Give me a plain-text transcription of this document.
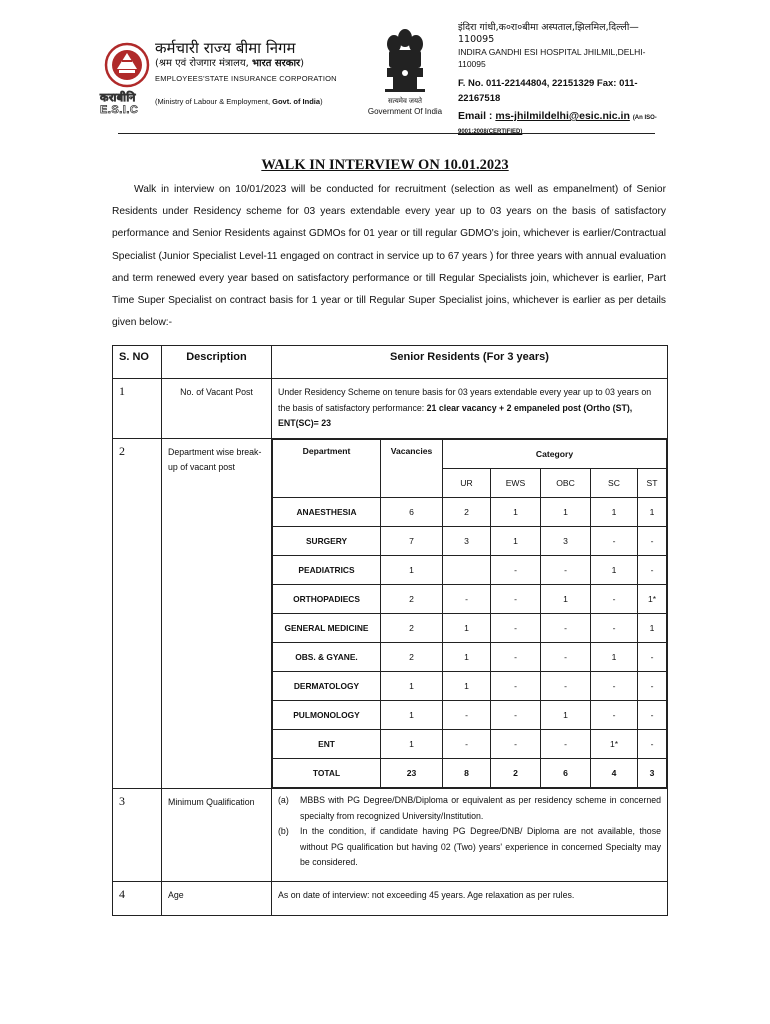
कराबीनि
E.S.I.C
कर्मचारी राज्य बीमा निगम
(श्रम एवं रोजगार मंत्रालय, भारत सरकार)
EMPLOYEES'STATE INSURANCE CORPORATION
(Ministry of Labour & Employment, Govt. of India)	सत्यमेव जयते
Government Of India
इंदिरा गांधी,क०रा०बीमा अस्पताल,झिलमिल,दिल्ली—110095
INDIRA GANDHI ESI HOSPITAL JHILMIL,DELHI-
110095
F. No. 011-22144804, 22151329 Fax: 011-
22167518
Email : ms-jhilmildelhi@esic.nic.in (An ISO-
9001:2008(CERTIFIED)
WALK IN INTERVIEW ON 10.01.2023
Walk in interview on 10/01/2023 will be conducted for recruitment (selection as well as empanelment) of Senior Residents under Residency scheme for 03 years extendable every year up to 03 years on the basis of satisfactory performance and Senior Residents against GDMOs for 01 year or till regular GDMO's join, whichever is earlier/Contractual Specialist (Junior Specialist Level-11 engaged on contract in service up to 67 years ) for three years with annual evaluation and term renewed every year based on satisfactory performance or till Regular Specialists join, whichever is earlier, Part Time Super Specialist on contract basis for 1 year or till Regular Super Specialist joins, whichever is earlier as per details given below:-
S. NO	Description	Senior Residents (For 3 years)
1	No. of Vacant Post	Under Residency Scheme on tenure basis for 03 years extendable every year up to 03 years on the basis of satisfactory performance: 21 clear vacancy + 2 empaneled post (Ortho (ST), ENT(SC)= 23
2	Department wise break-up of vacant post	
Department	Vacancies	Category
UR	EWS	OBC	SC	ST
ANAESTHESIA	6	2	1	1	1	1
SURGERY	7	3	1	3	-	-
PEADIATRICS	1		-	-	1	-
ORTHOPADIECS	2	-	-	1	-	1*
GENERAL MEDICINE	2	1	-	-	-	1
OBS. & GYANE.	2	1	-	-	1	-
DERMATOLOGY	1	1	-	-	-	-
PULMONOLOGY	1	-	-	1	-	-
ENT	1	-	-	-	1*	-
TOTAL	23	8	2	6	4	3

3	Minimum Qualification	(a)	MBBS with PG Degree/DNB/Diploma or equivalent as per residency scheme in concerned specialty from recognized University/Institution.
(b)	In the condition, if candidate having PG Degree/DNB/ Diploma are not available, those without PG qualification but having 02 (Two) years' experience in concerned Specialty may be considered.

4	Age	As on date of interview: not exceeding 45 years. Age relaxation as per rules.
